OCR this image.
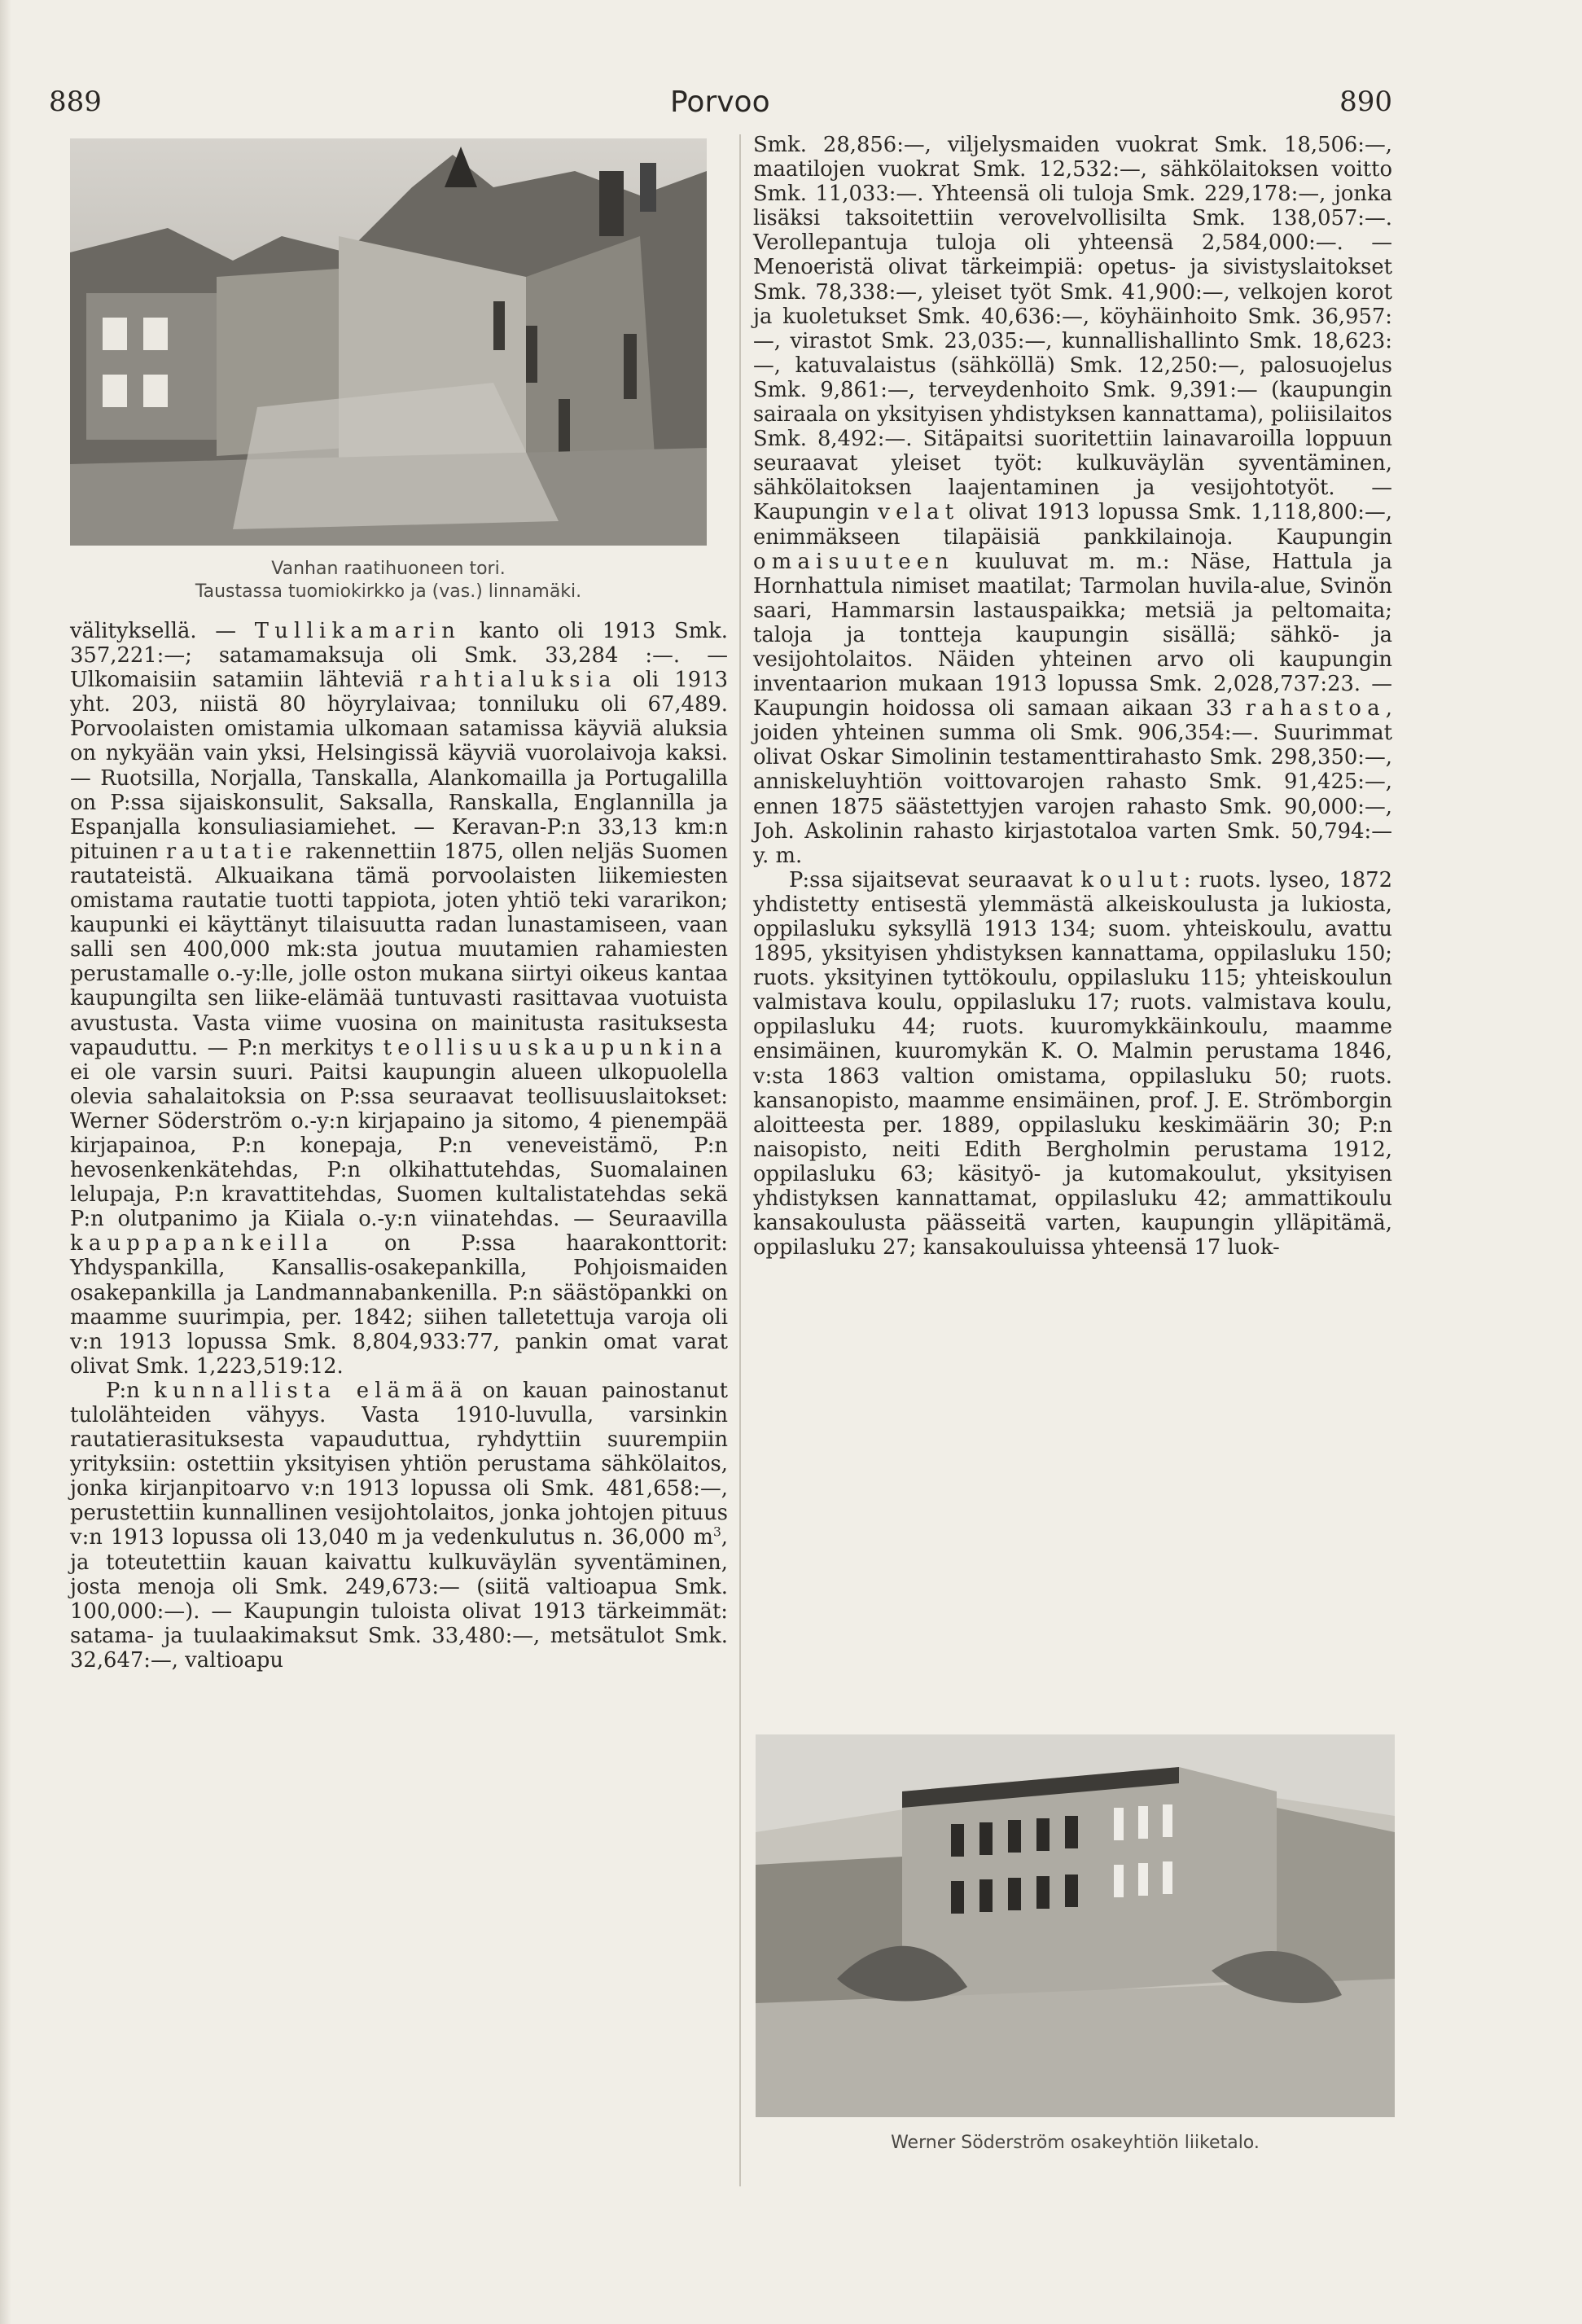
889	Porvoo	890
Vanhan raatihuoneen tori.
Taustassa tuomiokirkko ja (vas.) linnamäki.

välityksellä. — Tullikamarin kanto oli 1913 Smk. 357,221:—; satamamaksuja oli Smk. 33,284 :—. — Ulkomaisiin satamiin lähteviä rahtialuksia oli 1913 yht. 203, niistä 80 höyrylaivaa; tonniluku oli 67,489. Porvoolaisten omistamia ulkomaan satamissa käyviä aluksia on nykyään vain yksi, Helsingissä käyviä vuorolaivoja kaksi. — Ruotsilla, Norjalla, Tanskalla, Alankomailla ja Portugalilla on P:ssa sijaiskonsulit, Saksalla, Ranskalla, Englannilla ja Espanjalla konsuliasiamiehet. — Keravan-P:n 33,13 km:n pituinen rautatie rakennettiin 1875, ollen neljäs Suomen rautateistä. Alkuaikana tämä porvoolaisten liikemiesten omistama rautatie tuotti tappiota, joten yhtiö teki vararikon; kaupunki ei käyttänyt tilaisuutta radan lunastamiseen, vaan salli sen 400,000 mk:sta joutua muutamien rahamiesten perustamalle o.-y:lle, jolle oston mukana siirtyi oikeus kantaa kaupungilta sen liike-elämää tuntuvasti rasittavaa vuotuista avustusta. Vasta viime vuosina on mainitusta rasituksesta vapauduttu. — P:n merkitys teollisuuskaupunkina ei ole varsin suuri. Paitsi kaupungin alueen ulkopuolella olevia sahalaitoksia on P:ssa seuraavat teollisuuslaitokset: Werner Söderström o.-y:n kirjapaino ja sitomo, 4 pienempää kirjapainoa, P:n konepaja, P:n veneveistämö, P:n hevosenkenkätehdas, P:n olkihattutehdas, Suomalainen lelupaja, P:n kravattitehdas, Suomen kultalistatehdas sekä P:n olutpanimo ja Kiiala o.-y:n viinatehdas. — Seuraavilla kauppapankeilla on P:ssa haarakonttorit: Yhdyspankilla, Kansallis-osakepankilla, Pohjoismaiden osakepankilla ja Landmannabankenilla. P:n säästöpankki on maamme suurimpia, per. 1842; siihen talletettuja varoja oli v:n 1913 lopussa Smk. 8,804,933:77, pankin omat varat olivat Smk. 1,223,519:12.

P:n kunnallista elämää on kauan painostanut tulolähteiden vähyys. Vasta 1910-luvulla, varsinkin rautatierasituksesta vapauduttua, ryhdyttiin suurempiin yrityksiin: ostettiin yksityisen yhtiön perustama sähkölaitos, jonka kirjanpitoarvo v:n 1913 lopussa oli Smk. 481,658:—, perustettiin kunnallinen vesijohtolaitos, jonka johtojen pituus v:n 1913 lopussa oli 13,040 m ja vedenkulutus n. 36,000 $m^3$, ja toteutettiin kauan kaivattu kulkuväylän syventäminen, josta menoja oli Smk. 249,673:— (siitä valtioapua Smk. 100,000:—). — Kaupungin tuloista olivat 1913 tärkeimmät: satama- ja tuulaakimaksut Smk. 33,480:—, metsätulot Smk. 32,647:—, valtioapu

Smk. 28,856:—, viljelysmaiden vuokrat Smk. 18,506:—, maatilojen vuokrat Smk. 12,532:—, sähkölaitoksen voitto Smk. 11,033:—. Yhteensä oli tuloja Smk. 229,178:—, jonka lisäksi taksoitettiin verovelvollisilta Smk. 138,057:—. Verollepantuja tuloja oli yhteensä 2,584,000:—. — Menoeristä olivat tärkeimpiä: opetus- ja sivistyslaitokset Smk. 78,338:—, yleiset työt Smk. 41,900:—, velkojen korot ja kuoletukset Smk. 40,636:—, köyhäinhoito Smk. 36,957:—, virastot Smk. 23,035:—, kunnallishallinto Smk. 18,623:—, katuvalaistus (sähköllä) Smk. 12,250:—, palosuojelus Smk. 9,861:—, terveydenhoito Smk. 9,391:— (kaupungin sairaala on yksityisen yhdistyksen kannattama), poliisilaitos Smk. 8,492:—. Sitäpaitsi suoritettiin lainavaroilla loppuun seuraavat yleiset työt: kulkuväylän syventäminen, sähkölaitoksen laajentaminen ja vesijohtotyöt. — Kaupungin velat olivat 1913 lopussa Smk. 1,118,800:—, enimmäkseen tilapäisiä pankkilainoja. Kaupungin omaisuuteen kuuluvat m. m.: Näse, Hattula ja Hornhattula nimiset maatilat; Tarmolan huvila-alue, Svinön saari, Hammarsin lastauspaikka; metsiä ja peltomaita; taloja ja tontteja kaupungin sisällä; sähkö- ja vesijohtolaitos. Näiden yhteinen arvo oli kaupungin inventaarion mukaan 1913 lopussa Smk. 2,028,737:23. — Kaupungin hoidossa oli samaan aikaan 33 rahastoa, joiden yhteinen summa oli Smk. 906,354:—. Suurimmat olivat Oskar Simolinin testamenttirahasto Smk. 298,350:—, anniskeluyhtiön voittovarojen rahasto Smk. 91,425:—, ennen 1875 säästettyjen varojen rahasto Smk. 90,000:—, Joh. Askolinin rahasto kirjastotaloa varten Smk. 50,794:— y. m.

P:ssa sijaitsevat seuraavat koulut: ruots. lyseo, 1872 yhdistetty entisestä ylemmästä alkeiskoulusta ja lukiosta, oppilasluku syksyllä 1913 134; suom. yhteiskoulu, avattu 1895, yksityisen yhdistyksen kannattama, oppilasluku 150; ruots. yksityinen tyttökoulu, oppilasluku 115; yhteiskoulun valmistava koulu, oppilasluku 17; ruots. valmistava koulu, oppilasluku 44; ruots. kuuromykkäinkoulu, maamme ensimäinen, kuuromykän K. O. Malmin perustama 1846, v:sta 1863 valtion omistama, oppilasluku 50; ruots. kansanopisto, maamme ensimäinen, prof. J. E. Strömborgin aloitteesta per. 1889, oppilasluku keskimäärin 30; P:n naisopisto, neiti Edith Bergholmin perustama 1912, oppilasluku 63; käsityö- ja kutomakoulut, yksityisen yhdistyksen kannattamat, oppilasluku 42; ammattikoulu kansakoulusta päässeitä varten, kaupungin ylläpitämä, oppilasluku 27; kansakouluissa yhteensä 17 luok-

Werner Söderström osakeyhtiön liiketalo.
